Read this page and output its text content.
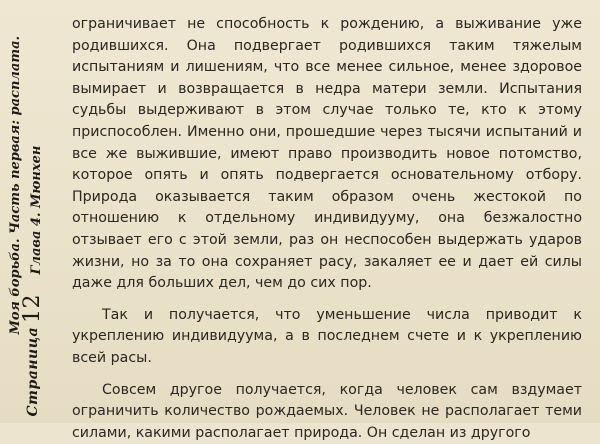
Страница12
Моя борьба. Часть первая: расплата. Глава 4. Мюнхен

ограничивает не способность к рождению, а выживание уже родившихся. Она подвергает родившихся таким тяжелым испытаниям и лишениям, что все менее сильное, менее здоровое вымирает и возвращается в недра матери земли. Испытания судьбы выдерживают в этом случае только те, кто к этому приспособлен. Именно они, прошедшие через тысячи испытаний и все же выжившие, имеют право производить новое потомство, которое опять и опять подвергается основательному отбору. Природа оказывается таким образом очень жестокой по отношению к отдельному индивидууму, она безжалостно отзывает его с этой земли, раз он неспособен выдержать ударов жизни, но за то она сохраняет расу, закаляет ее и дает ей силы даже для больших дел, чем до сих пор.

Так и получается, что уменьшение числа приводит к укреплению индивидуума, а в последнем счете и к укреплению всей расы.

Совсем другое получается, когда человек сам вздумает ограничить количество рождаемых. Человек не располагает теми силами, какими располагает природа. Он сделан из другого
